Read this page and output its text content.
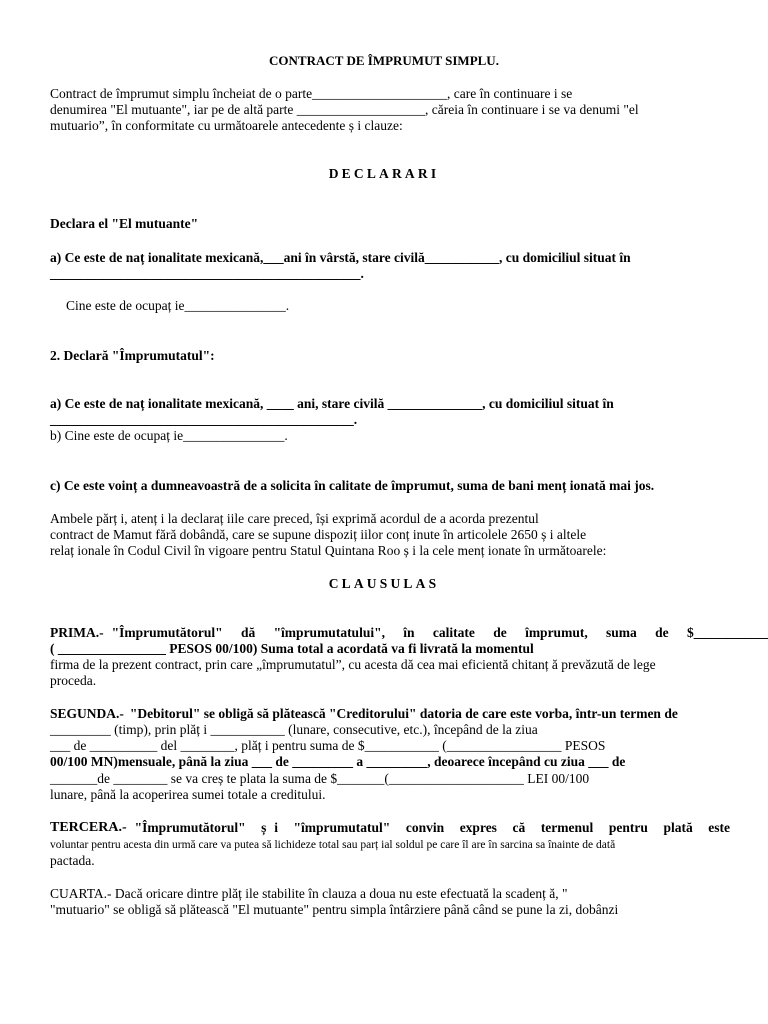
CONTRACT DE ÎMPRUMUT SIMPLU.
Contract de împrumut simplu încheiat de o parte____________________, care în continuare i se
denumirea "El mutuante", iar pe de altă parte ___________________, căreia în continuare i se va denumi "el
mutuario”, în conformitate cu următoarele antecedente ș i clauze:
DECLARARI
Declara el "El mutuante"
a) Ce este de naț ionalitate mexicană,___ani în vârstă, stare civilă___________, cu domiciliul situat în
______________________________________________.
Cine este de ocupaț ie_______________.
2. Declară "Împrumutatul":
a) Ce este de naț ionalitate mexicană, ____ ani, stare civilă ______________, cu domiciliul situat în
_____________________________________________.
b) Cine este de ocupaț ie_______________.
c) Ce este voinț a dumneavoastră de a solicita în calitate de împrumut, suma de bani menț ionată mai jos.
Ambele părț i, atenț i la declaraț iile care preced, își exprimă acordul de a acorda prezentul
contract de Mamut fără dobândă, care se supune dispoziț iilor conț inute în articolele 2650 ș i altele
relaț ionale în Codul Civil în vigoare pentru Statul Quintana Roo ș i la cele menț ionate în următoarele:
CLAUSULAS
PRIMA.- "Împrumutătorul"  dă  "împrumutatului",  în  calitate  de  împrumut,  suma  de  $___________
( ________________ PESOS 00/100) Suma total a acordată va fi livrată la momentul
firma de la prezent contract, prin care „împrumutatul”, cu acesta dă cea mai eficientă chitanț ă prevăzută de lege
proceda.
SEGUNDA.- "Debitorul" se obligă să plătească "Creditorului" datoria de care este vorba, într-un termen de
_________ (timp), prin plăț i ___________ (lunare, consecutive, etc.), începând de la ziua
___ de __________ del ________, plăț i pentru suma de $___________ (_________________ PESOS
00/100 MN)mensuale, până la ziua ___ de _________ a _________, deoarece începând cu ziua ___ de
_______de ________ se va creș te plata la suma de $_______(____________________ LEI 00/100
lunare, până la acoperirea sumei totale a creditului.
TERCERA.- "Împrumutătorul"  ș i  "împrumutatul"  convin  expres  că  termenul  pentru  plată  este
voluntar pentru acesta din urmă care va putea să lichideze total sau parț ial soldul pe care îl are în sarcina sa înainte de dată
pactada.
CUARTA.- Dacă oricare dintre plăț ile stabilite în clauza a doua nu este efectuată la scadenț ă, "
"mutuario" se obligă să plătească "El mutuante" pentru simpla întârziere până când se pune la zi, dobânzi
